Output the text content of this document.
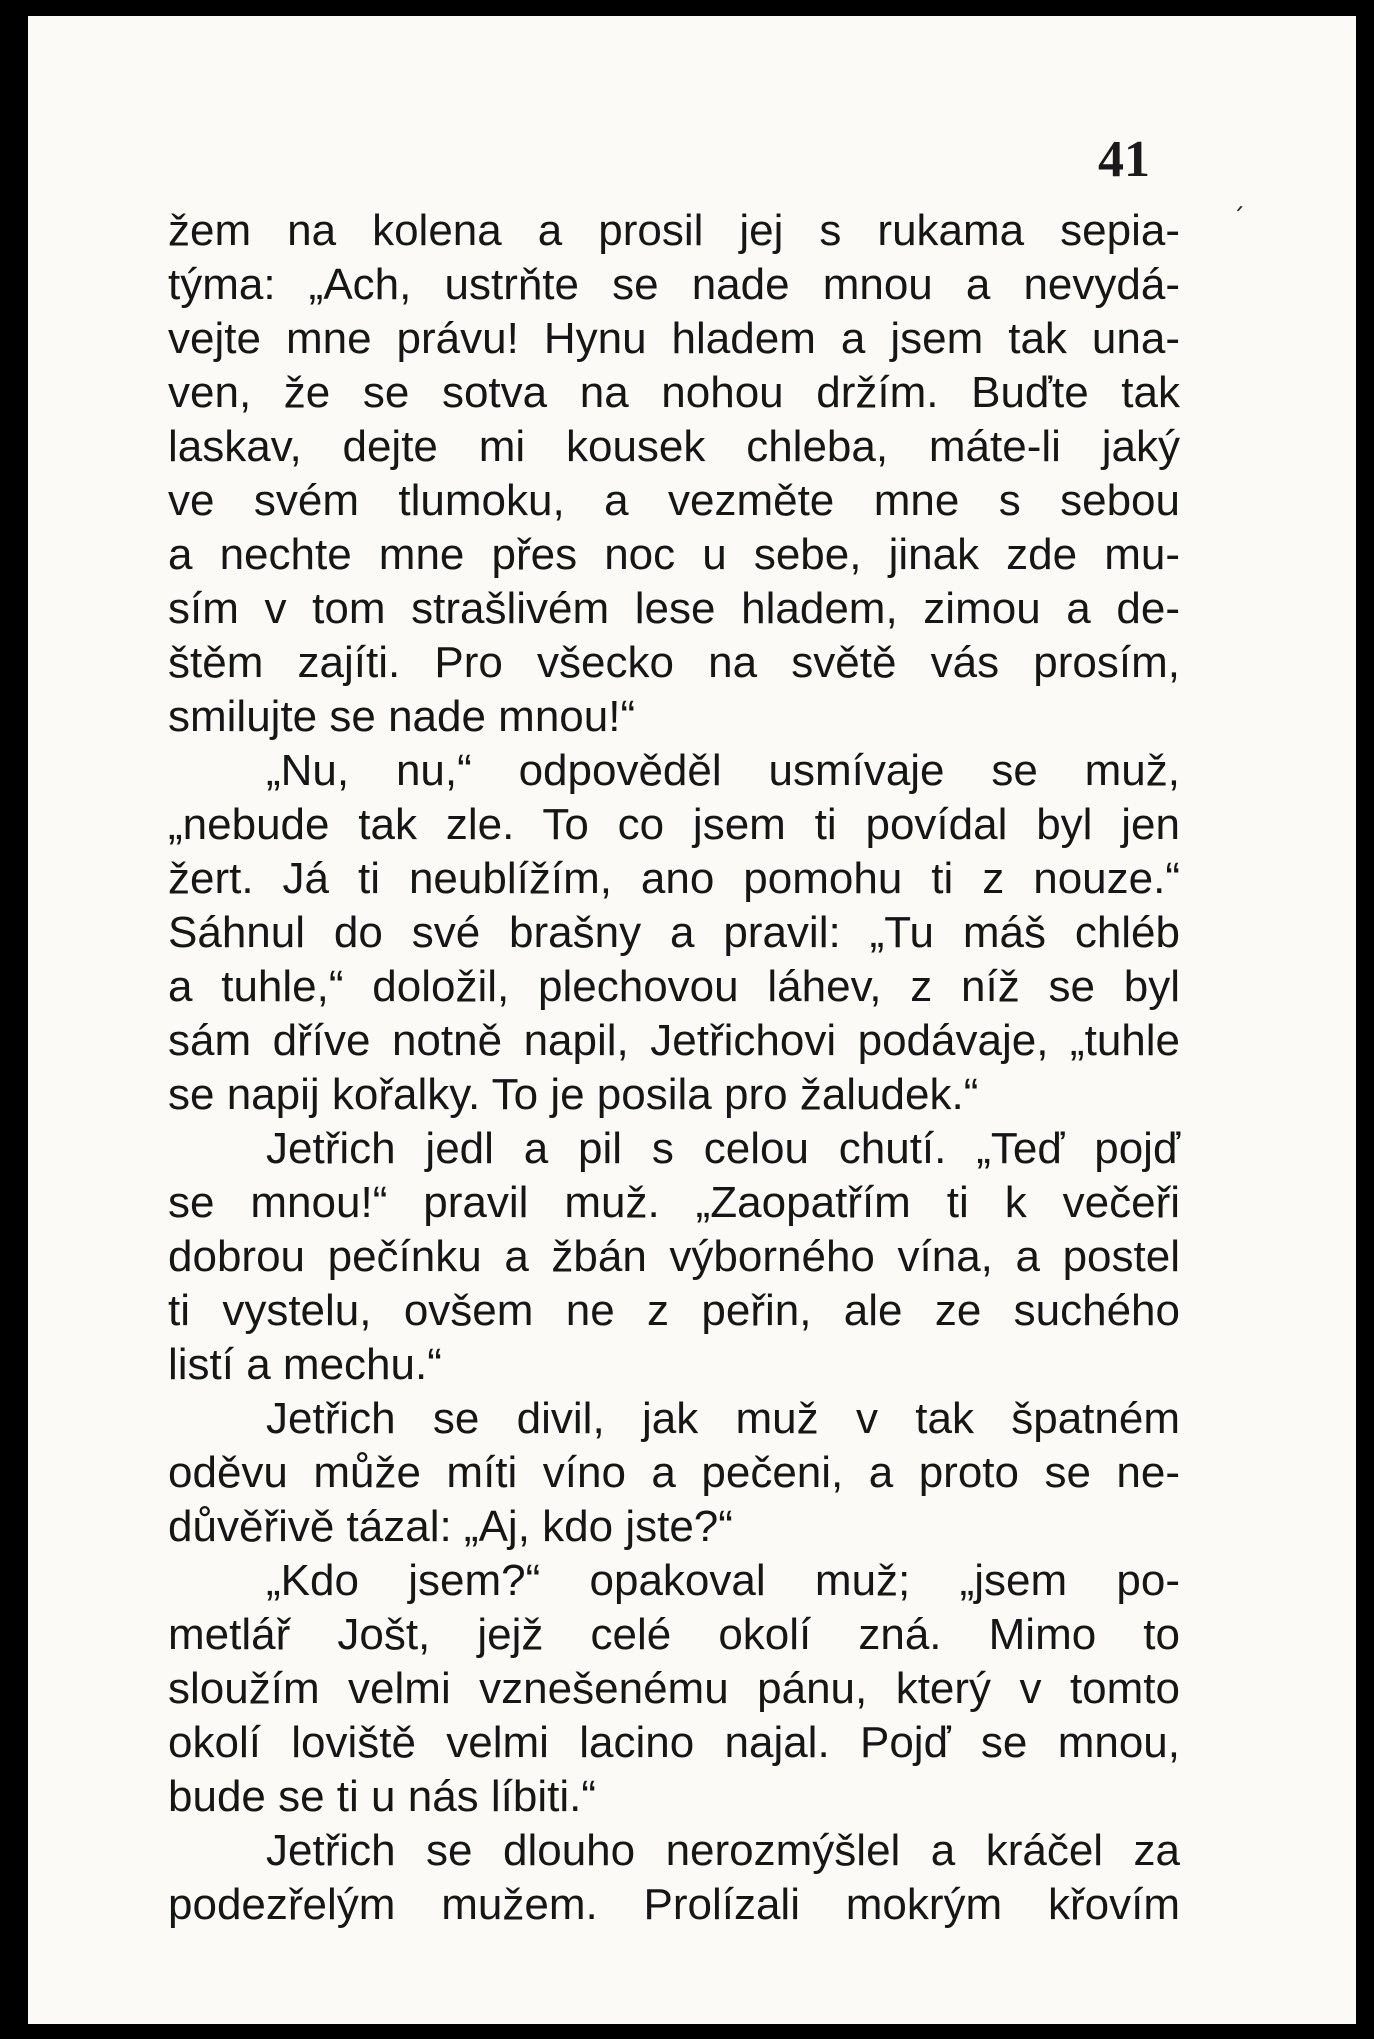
41
žem na kolena a prosil jej s rukama sepia-
týma: „Ach, ustrňte se nade mnou a nevydá-
vejte mne právu! Hynu hladem a jsem tak una-
ven, že se sotva na nohou držím. Buďte tak
laskav, dejte mi kousek chleba, máte-li jaký
ve svém tlumoku, a vezměte mne s sebou
a nechte mne přes noc u sebe, jinak zde mu-
sím v tom strašlivém lese hladem, zimou a de-
štěm zajíti. Pro všecko na světě vás prosím,
smilujte se nade mnou!“
„Nu, nu,“ odpověděl usmívaje se muž,
„nebude tak zle. To co jsem ti povídal byl jen
žert. Já ti neublížím, ano pomohu ti z nouze.“
Sáhnul do své brašny a pravil: „Tu máš chléb
a tuhle,“ doložil, plechovou láhev, z níž se byl
sám dříve notně napil, Jetřichovi podávaje, „tuhle
se napij kořalky. To je posila pro žaludek.“
Jetřich jedl a pil s celou chutí. „Teď pojď
se mnou!“ pravil muž. „Zaopatřím ti k večeři
dobrou pečínku a žbán výborného vína, a postel
ti vystelu, ovšem ne z peřin, ale ze suchého
listí a mechu.“
Jetřich se divil, jak muž v tak špatném
oděvu může míti víno a pečeni, a proto se ne-
důvěřivě tázal: „Aj, kdo jste?“
„Kdo jsem?“ opakoval muž; „jsem po-
metlář Jošt, jejž celé okolí zná. Mimo to
sloužím velmi vznešenému pánu, který v tomto
okolí loviště velmi lacino najal. Pojď se mnou,
bude se ti u nás líbiti.“
Jetřich se dlouho nerozmýšlel a kráčel za
podezřelým mužem. Prolízali mokrým křovím
´
